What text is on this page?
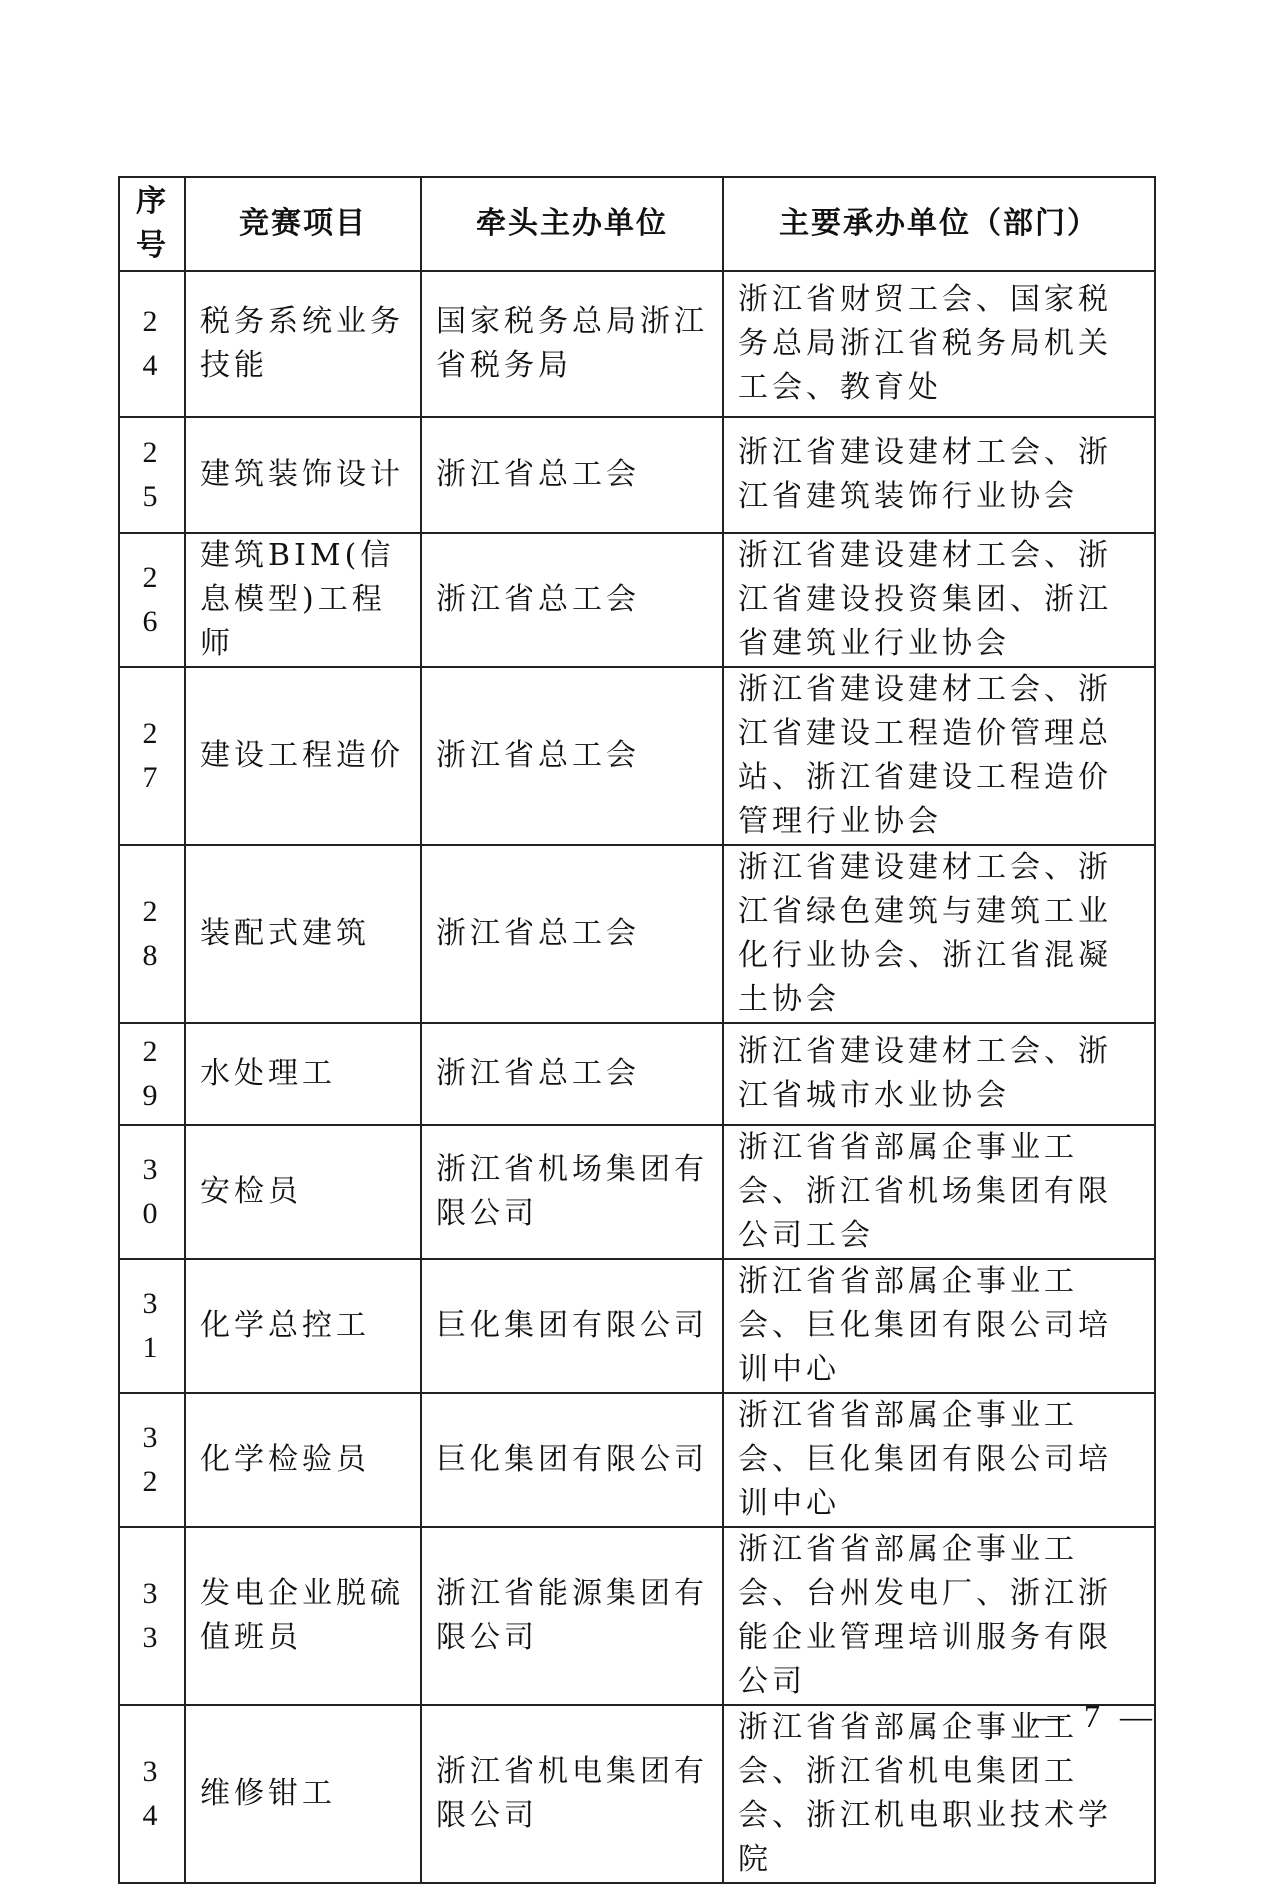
序号	竞赛项目	牵头主办单位	主要承办单位（部门）
24	税务系统业务技能	国家税务总局浙江省税务局	浙江省财贸工会、国家税务总局浙江省税务局机关工会、教育处
25	建筑装饰设计	浙江省总工会	浙江省建设建材工会、浙江省建筑装饰行业协会
26	建筑BIM(信息模型)工程师	浙江省总工会	浙江省建设建材工会、浙江省建设投资集团、浙江省建筑业行业协会
27	建设工程造价	浙江省总工会	浙江省建设建材工会、浙江省建设工程造价管理总站、浙江省建设工程造价管理行业协会
28	装配式建筑	浙江省总工会	浙江省建设建材工会、浙江省绿色建筑与建筑工业化行业协会、浙江省混凝土协会
29	水处理工	浙江省总工会	浙江省建设建材工会、浙江省城市水业协会
30	安检员	浙江省机场集团有限公司	浙江省省部属企事业工会、浙江省机场集团有限公司工会
31	化学总控工	巨化集团有限公司	浙江省省部属企事业工会、巨化集团有限公司培训中心
32	化学检验员	巨化集团有限公司	浙江省省部属企事业工会、巨化集团有限公司培训中心
33	发电企业脱硫值班员	浙江省能源集团有限公司	浙江省省部属企事业工会、台州发电厂、浙江浙能企业管理培训服务有限公司
34	维修钳工	浙江省机电集团有限公司	浙江省省部属企事业工会、浙江省机电集团工会、浙江机电职业技术学院
— 7 —
